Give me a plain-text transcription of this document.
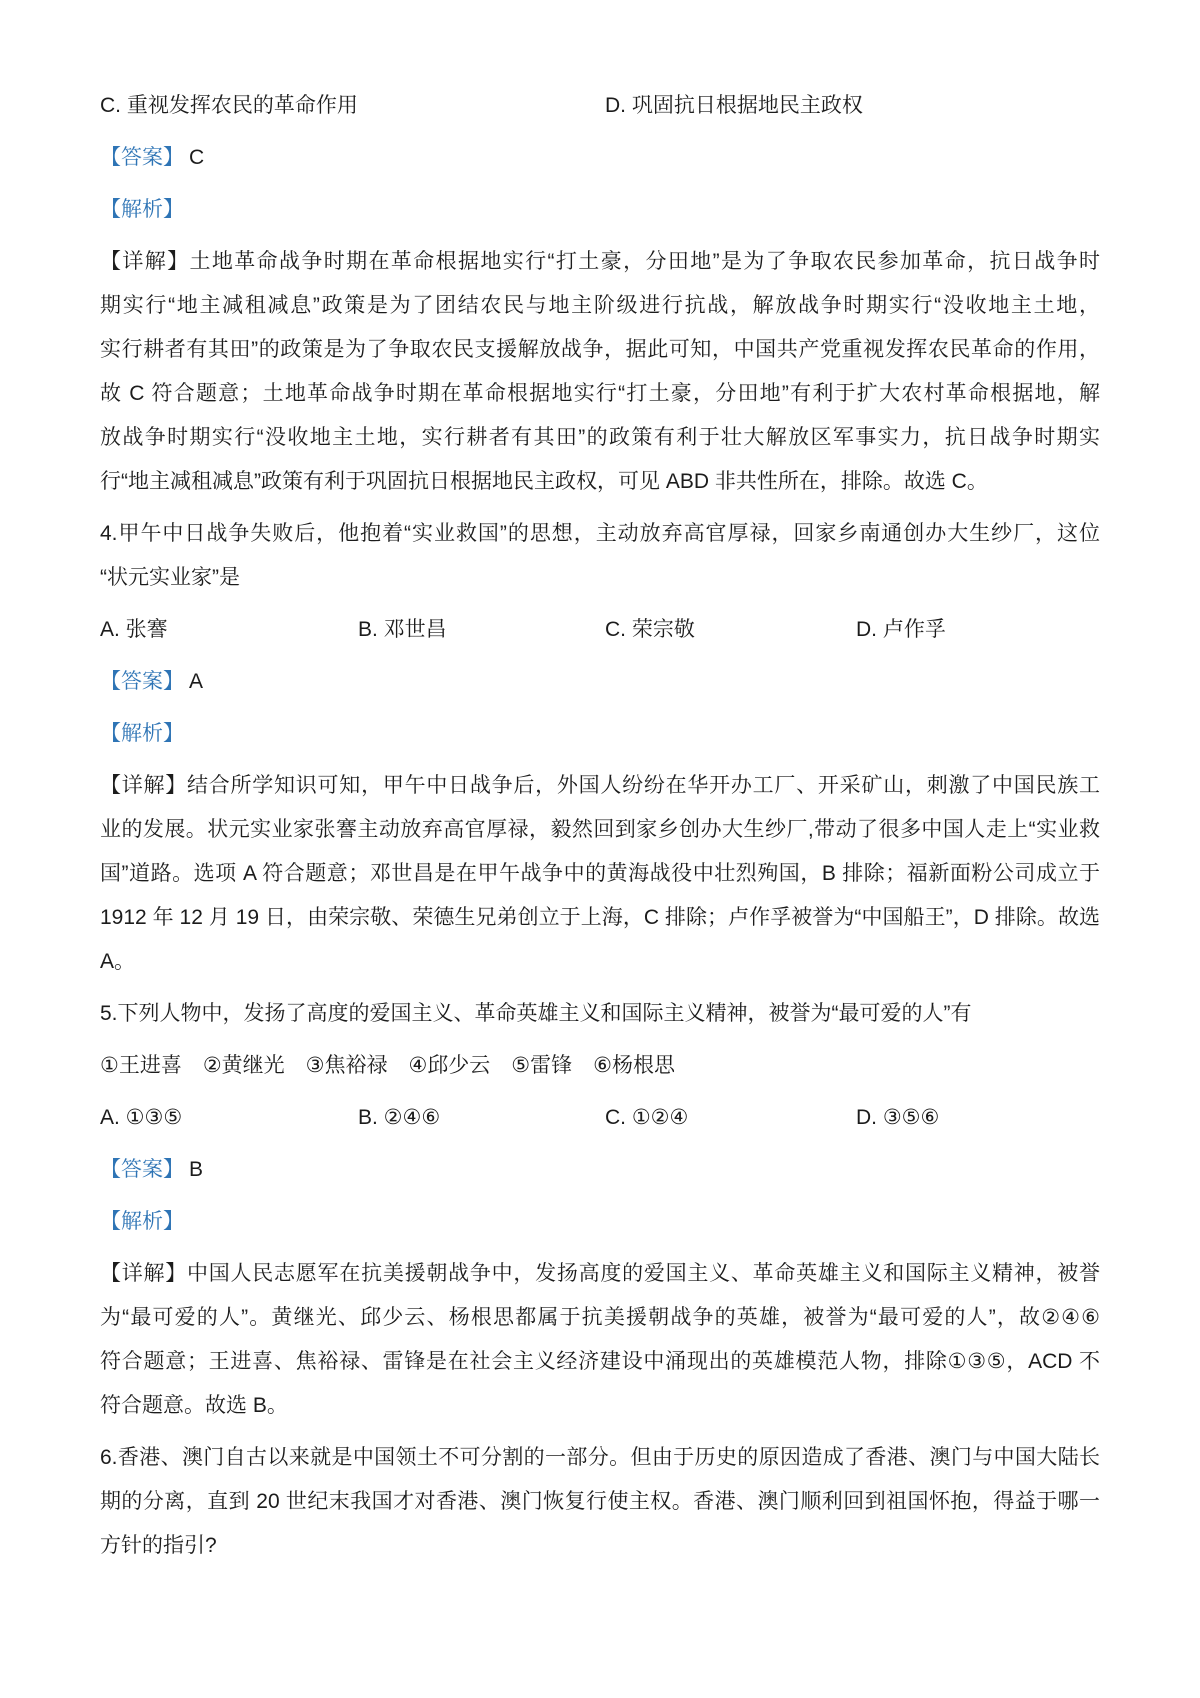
C. 重视发挥农民的革命作用	D. 巩固抗日根据地民主政权
【答案】 C
【解析】
【详解】土地革命战争时期在革命根据地实行“打土豪，分田地”是为了争取农民参加革命，抗日战争时
期实行“地主减租减息”政策是为了团结农民与地主阶级进行抗战，解放战争时期实行“没收地主土地，
实行耕者有其田”的政策是为了争取农民支援解放战争，据此可知，中国共产党重视发挥农民革命的作用，
故 C 符合题意；土地革命战争时期在革命根据地实行“打土豪，分田地”有利于扩大农村革命根据地，解
放战争时期实行“没收地主土地，实行耕者有其田”的政策有利于壮大解放区军事实力，抗日战争时期实
行“地主减租减息”政策有利于巩固抗日根据地民主政权，可见 ABD 非共性所在，排除。故选 C。
4.甲午中日战争失败后，他抱着“实业救国”的思想，主动放弃高官厚禄，回家乡南通创办大生纱厂，这位
“状元实业家”是
A. 张謇	B. 邓世昌	C. 荣宗敬	D. 卢作孚
【答案】 A
【解析】
【详解】结合所学知识可知，甲午中日战争后，外国人纷纷在华开办工厂、开采矿山，刺激了中国民族工
业的发展。状元实业家张謇主动放弃高官厚禄，毅然回到家乡创办大生纱厂,带动了很多中国人走上“实业救
国”道路。选项 A 符合题意；邓世昌是在甲午战争中的黄海战役中壮烈殉国，B 排除；福新面粉公司成立于
1912 年 12 月 19 日，由荣宗敬、荣德生兄弟创立于上海，C 排除；卢作孚被誉为“中国船王”，D 排除。故选
A。
5.下列人物中，发扬了高度的爱国主义、革命英雄主义和国际主义精神，被誉为“最可爱的人”有
①王进喜　②黄继光　③焦裕禄　④邱少云　⑤雷锋　⑥杨根思
A. ①③⑤	B. ②④⑥	C. ①②④	D. ③⑤⑥
【答案】 B
【解析】
【详解】中国人民志愿军在抗美援朝战争中，发扬高度的爱国主义、革命英雄主义和国际主义精神，被誉
为“最可爱的人”。黄继光、邱少云、杨根思都属于抗美援朝战争的英雄，被誉为“最可爱的人”，故②④⑥
符合题意；王进喜、焦裕禄、雷锋是在社会主义经济建设中涌现出的英雄模范人物，排除①③⑤，ACD 不
符合题意。故选 B。
6.香港、澳门自古以来就是中国领土不可分割的一部分。但由于历史的原因造成了香港、澳门与中国大陆长
期的分离，直到 20 世纪末我国才对香港、澳门恢复行使主权。香港、澳门顺利回到祖国怀抱，得益于哪一
方针的指引?
